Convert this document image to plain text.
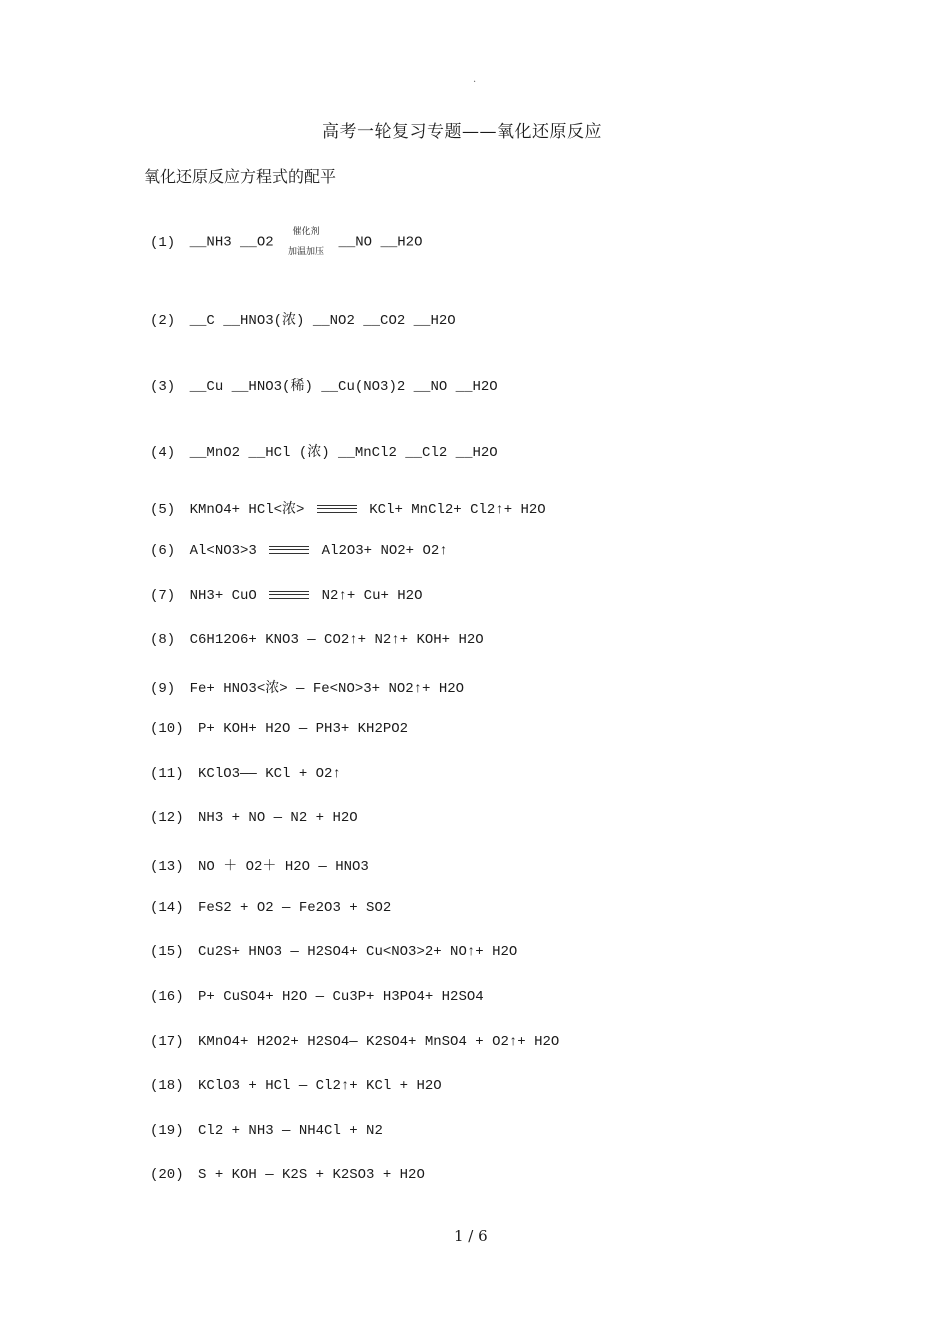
.
高考一轮复习专题——氧化还原反应
氧化还原反应方程式的配平
(1) __NH3 __O2
催化剂
加温加压
__NO __H2O
(2) __C __HNO3(浓) __NO2 __CO2 __H2O
(3) __Cu __HNO3(稀) __Cu(NO3)2 __NO __H2O
(4) __MnO2 __HCl (浓) __MnCl2 __Cl2 __H2O
(5) KMnO4+ HCl<浓>	KCl+ MnCl2+ Cl2↑+ H2O
(6) Al<NO3>3	Al2O3+ NO2+ O2↑
(7) NH3+ CuO	N2↑+ Cu+ H2O
(8) C6H12O6+ KNO3 — CO2↑+ N2↑+ KOH+ H2O
(9) Fe+ HNO3<浓> — Fe<NO>3+ NO2↑+ H2O
(10) P+ KOH+ H2O — PH3+ KH2PO2
(11) KClO3—— KCl + O2↑
(12) NH3 + NO — N2 + H2O
(13) NO ＋ O2＋ H2O — HNO3
(14) FeS2 + O2 — Fe2O3 + SO2
(15) Cu2S+ HNO3 — H2SO4+ Cu<NO3>2+ NO↑+ H2O
(16) P+ CuSO4+ H2O — Cu3P+ H3PO4+ H2SO4
(17) KMnO4+ H2O2+ H2SO4— K2SO4+ MnSO4 + O2↑+ H2O
(18) KClO3 + HCl — Cl2↑+ KCl + H2O
(19) Cl2 + NH3 — NH4Cl + N2
(20) S + KOH — K2S + K2SO3 + H2O
1 / 6
